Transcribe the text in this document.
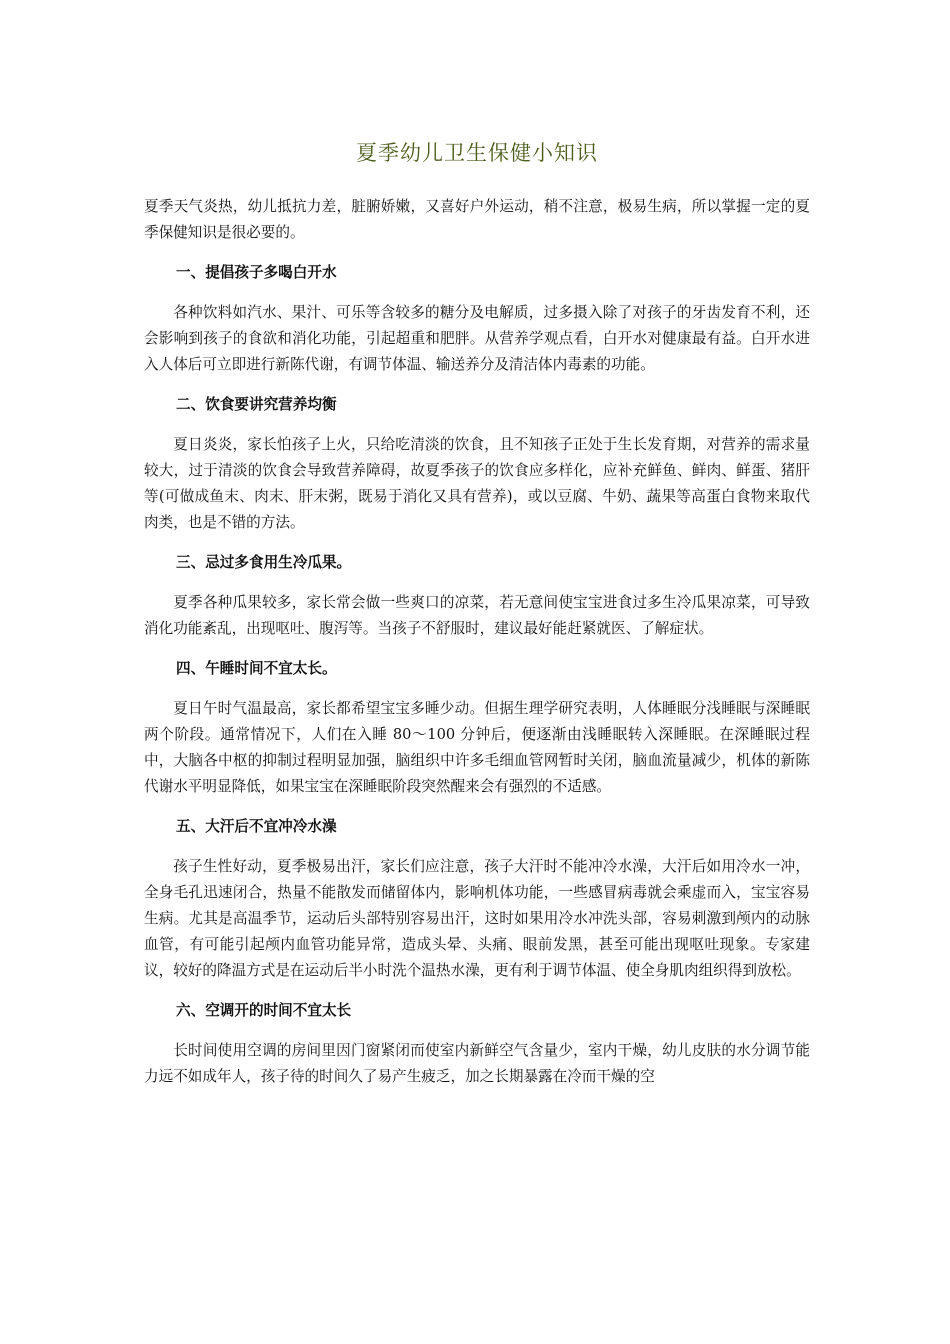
夏季幼儿卫生保健小知识

夏季天气炎热，幼儿抵抗力差，脏腑娇嫩，又喜好户外运动，稍不注意，极易生病，所以掌握一定的夏季保健知识是很必要的。

一、提倡孩子多喝白开水

各种饮料如汽水、果汁、可乐等含较多的糖分及电解质，过多摄入除了对孩子的牙齿发育不利，还会影响到孩子的食欲和消化功能，引起超重和肥胖。从营养学观点看，白开水对健康最有益。白开水进入人体后可立即进行新陈代谢，有调节体温、输送养分及清洁体内毒素的功能。

二、饮食要讲究营养均衡

夏日炎炎，家长怕孩子上火，只给吃清淡的饮食，且不知孩子正处于生长发育期，对营养的需求量较大，过于清淡的饮食会导致营养障碍，故夏季孩子的饮食应多样化，应补充鲜鱼、鲜肉、鲜蛋、猪肝等(可做成鱼末、肉末、肝末粥，既易于消化又具有营养)，或以豆腐、牛奶、蔬果等高蛋白食物来取代肉类，也是不错的方法。

三、忌过多食用生冷瓜果。

夏季各种瓜果较多，家长常会做一些爽口的凉菜，若无意间使宝宝进食过多生冷瓜果凉菜，可导致消化功能紊乱，出现呕吐、腹泻等。当孩子不舒服时，建议最好能赶紧就医、了解症状。

四、午睡时间不宜太长。

夏日午时气温最高，家长都希望宝宝多睡少动。但据生理学研究表明，人体睡眠分浅睡眠与深睡眠两个阶段。通常情况下，人们在入睡 80～100 分钟后，便逐渐由浅睡眠转入深睡眠。在深睡眠过程中，大脑各中枢的抑制过程明显加强，脑组织中许多毛细血管网暂时关闭，脑血流量减少，机体的新陈代谢水平明显降低，如果宝宝在深睡眠阶段突然醒来会有强烈的不适感。

五、大汗后不宜冲冷水澡

孩子生性好动，夏季极易出汗，家长们应注意，孩子大汗时不能冲冷水澡，大汗后如用冷水一冲，全身毛孔迅速闭合，热量不能散发而储留体内，影响机体功能，一些感冒病毒就会乘虚而入，宝宝容易生病。尤其是高温季节，运动后头部特别容易出汗，这时如果用冷水冲洗头部，容易刺激到颅内的动脉血管，有可能引起颅内血管功能异常，造成头晕、头痛、眼前发黑，甚至可能出现呕吐现象。专家建议，较好的降温方式是在运动后半小时洗个温热水澡，更有利于调节体温、使全身肌肉组织得到放松。

六、空调开的时间不宜太长

长时间使用空调的房间里因门窗紧闭而使室内新鲜空气含量少，室内干燥，幼儿皮肤的水分调节能力远不如成年人，孩子待的时间久了易产生疲乏，加之长期暴露在冷而干燥的空
